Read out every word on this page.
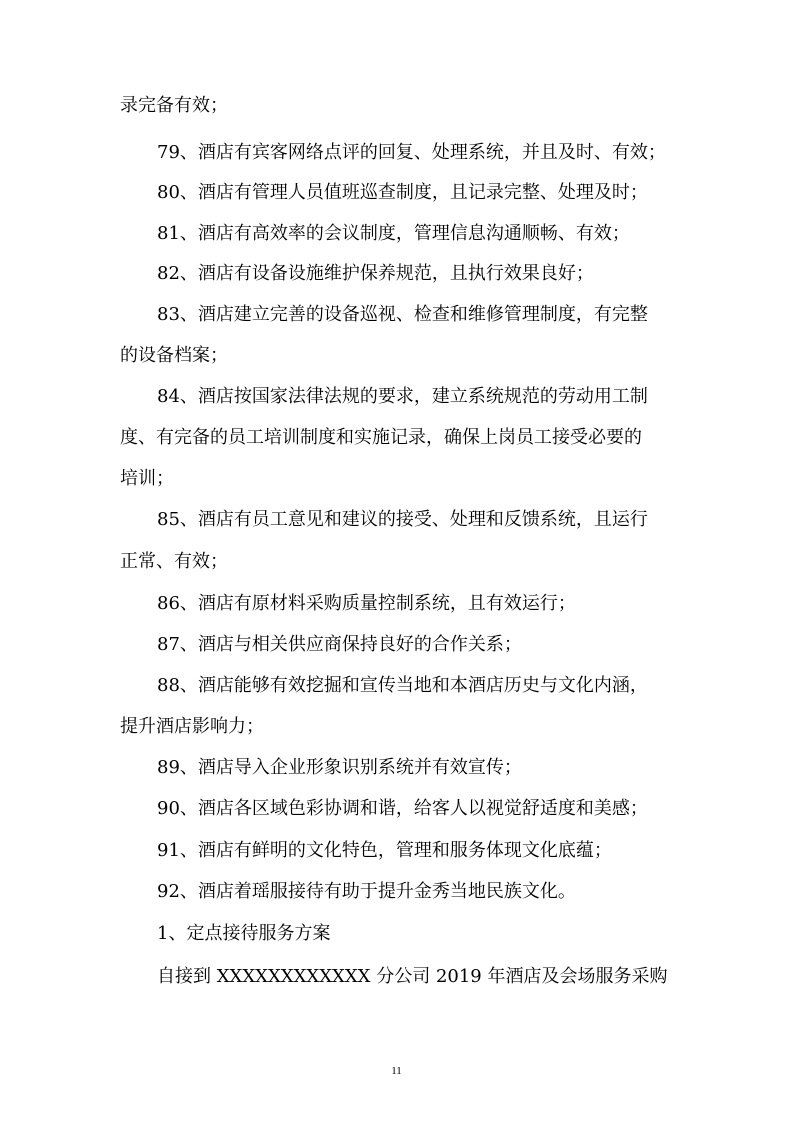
录完备有效；
79、酒店有宾客网络点评的回复、处理系统，并且及时、有效；
80、酒店有管理人员值班巡查制度，且记录完整、处理及时；
81、酒店有高效率的会议制度，管理信息沟通顺畅、有效；
82、酒店有设备设施维护保养规范，且执行效果良好；
83、酒店建立完善的设备巡视、检查和维修管理制度，有完整
的设备档案；
84、酒店按国家法律法规的要求，建立系统规范的劳动用工制
度、有完备的员工培训制度和实施记录，确保上岗员工接受必要的
培训；
85、酒店有员工意见和建议的接受、处理和反馈系统，且运行
正常、有效；
86、酒店有原材料采购质量控制系统，且有效运行；
87、酒店与相关供应商保持良好的合作关系；
88、酒店能够有效挖掘和宣传当地和本酒店历史与文化内涵，
提升酒店影响力；
89、酒店导入企业形象识别系统并有效宣传；
90、酒店各区域色彩协调和谐，给客人以视觉舒适度和美感；
91、酒店有鲜明的文化特色，管理和服务体现文化底蕴；
92、酒店着瑶服接待有助于提升金秀当地民族文化。
1、定点接待服务方案
自接到 XXXXXXXXXXXX 分公司 2019 年酒店及会场服务采购
11
